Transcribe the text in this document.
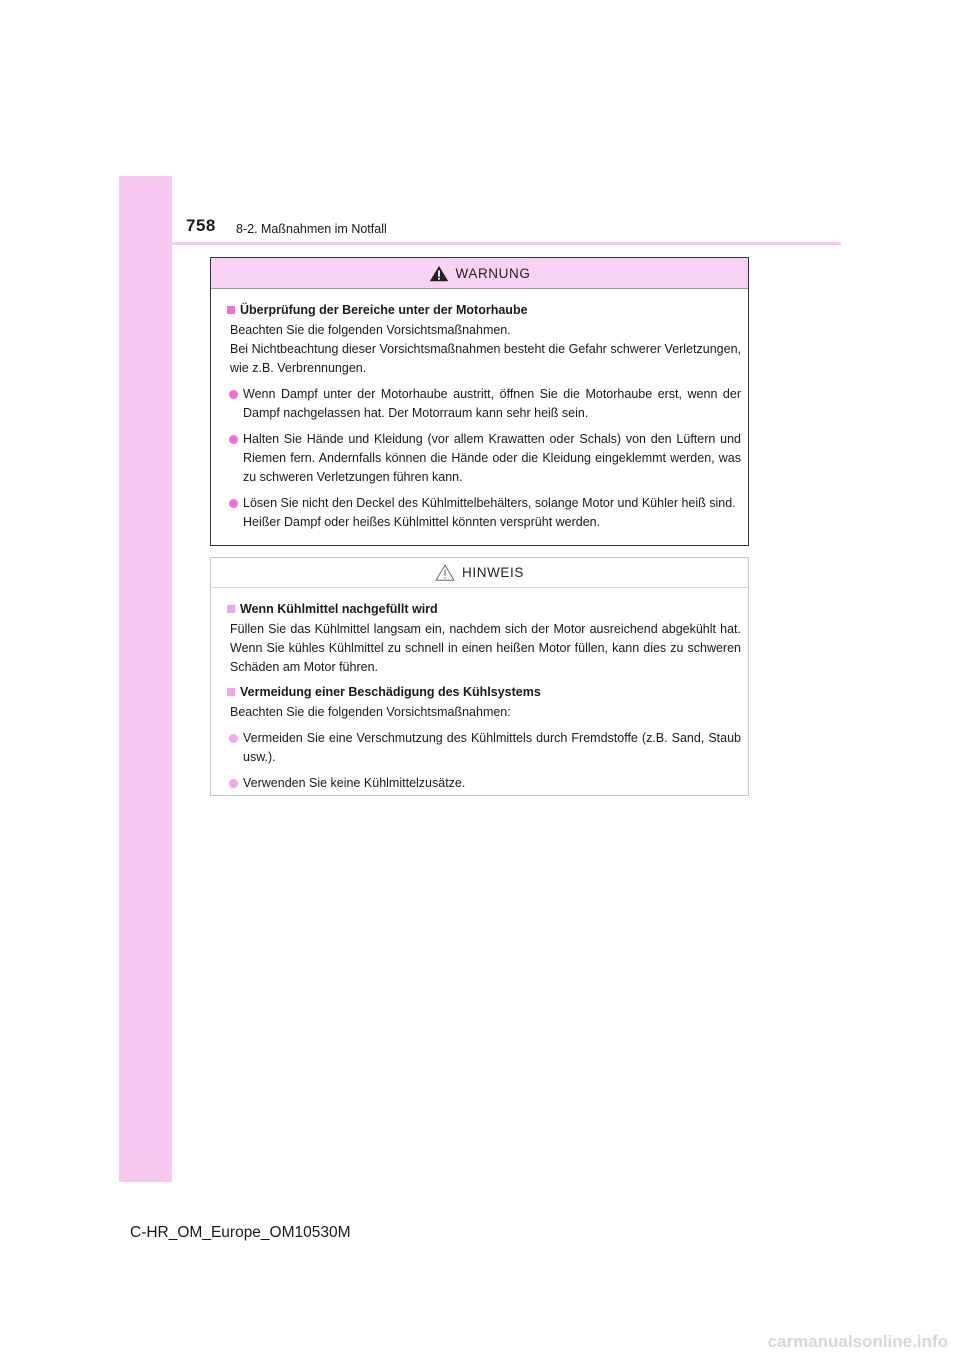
758 8-2. Maßnahmen im Notfall
WARNUNG
Überprüfung der Bereiche unter der Motorhaube
Beachten Sie die folgenden Vorsichtsmaßnahmen.
Bei Nichtbeachtung dieser Vorsichtsmaßnahmen besteht die Gefahr schwerer Verletzungen, wie z.B. Verbrennungen.
Wenn Dampf unter der Motorhaube austritt, öffnen Sie die Motorhaube erst, wenn der Dampf nachgelassen hat. Der Motorraum kann sehr heiß sein.
Halten Sie Hände und Kleidung (vor allem Krawatten oder Schals) von den Lüftern und Riemen fern. Andernfalls können die Hände oder die Kleidung eingeklemmt werden, was zu schweren Verletzungen führen kann.
Lösen Sie nicht den Deckel des Kühlmittelbehälters, solange Motor und Kühler heiß sind.
Heißer Dampf oder heißes Kühlmittel könnten versprüht werden.
HINWEIS
Wenn Kühlmittel nachgefüllt wird
Füllen Sie das Kühlmittel langsam ein, nachdem sich der Motor ausreichend abgekühlt hat. Wenn Sie kühles Kühlmittel zu schnell in einen heißen Motor füllen, kann dies zu schweren Schäden am Motor führen.
Vermeidung einer Beschädigung des Kühlsystems
Beachten Sie die folgenden Vorsichtsmaßnahmen:
Vermeiden Sie eine Verschmutzung des Kühlmittels durch Fremdstoffe (z.B. Sand, Staub usw.).
Verwenden Sie keine Kühlmittelzusätze.
C-HR_OM_Europe_OM10530M
carmanualsonline.info
